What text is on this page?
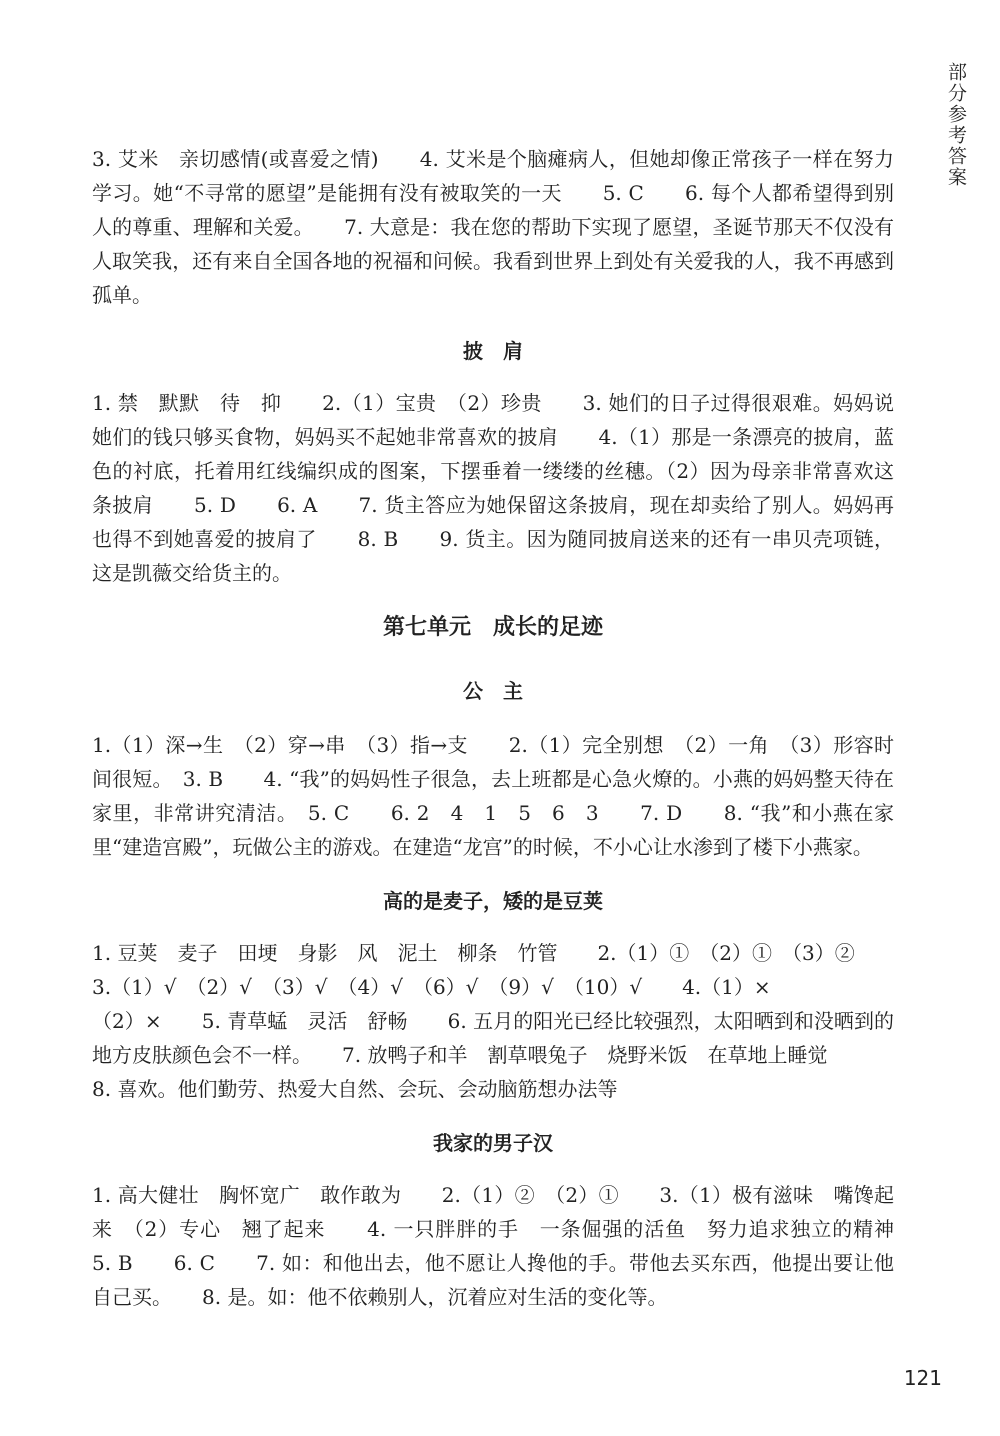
部分参考答案

3. 艾米　亲切感情(或喜爱之情)　　4. 艾米是个脑瘫病人，但她却像正常孩子一样在努力学习。她“不寻常的愿望”是能拥有没有被取笑的一天　　5. C　　6. 每个人都希望得到别人的尊重、理解和关爱。　　7. 大意是：我在您的帮助下实现了愿望，圣诞节那天不仅没有人取笑我，还有来自全国各地的祝福和问候。我看到世界上到处有关爱我的人，我不再感到孤单。

披　肩

1. 禁　默默　待　抑　　2.（1）宝贵　（2）珍贵　　3. 她们的日子过得很艰难。妈妈说她们的钱只够买食物，妈妈买不起她非常喜欢的披肩　　4.（1）那是一条漂亮的披肩，蓝色的衬底，托着用红线编织成的图案，下摆垂着一缕缕的丝穗。（2）因为母亲非常喜欢这条披肩　　5. D　　6. A　　7. 货主答应为她保留这条披肩，现在却卖给了别人。妈妈再也得不到她喜爱的披肩了　　8. B　　9. 货主。因为随同披肩送来的还有一串贝壳项链，这是凯薇交给货主的。

第七单元　成长的足迹
公　主

1.（1）深→生　（2）穿→串　（3）指→支　　2.（1）完全别想　（2）一角　（3）形容时间很短。　3. B　　4. “我”的妈妈性子很急，去上班都是心急火燎的。小燕的妈妈整天待在家里，非常讲究清洁。　5. C　　6. 2　4　1　5　6　3　　7. D　　8. “我”和小燕在家里“建造宫殿”，玩做公主的游戏。在建造“龙宫”的时候，不小心让水渗到了楼下小燕家。

高的是麦子，矮的是豆荚

1. 豆荚　麦子　田埂　身影　风　泥土　柳条　竹管　　2.（1）①　（2）①　（3）②
3.（1）√　（2）√　（3）√　（4）√　（6）√　（9）√　（10）√　　4.（1）×
（2）×　　5. 青草蜢　灵活　舒畅　　6. 五月的阳光已经比较强烈，太阳晒到和没晒到的地方皮肤颜色会不一样。　　7. 放鸭子和羊　割草喂兔子　烧野米饭　在草地上睡觉
8. 喜欢。他们勤劳、热爱大自然、会玩、会动脑筋想办法等

我家的男子汉

1. 高大健壮　胸怀宽广　敢作敢为　　2.（1）②　（2）①　　3.（1）极有滋味　嘴馋起来　（2）专心　翘了起来　　4. 一只胖胖的手　一条倔强的活鱼　努力追求独立的精神　　5. B　　6. C　　7. 如：和他出去，他不愿让人搀他的手。带他去买东西，他提出要让他自己买。　　8. 是。如：他不依赖别人，沉着应对生活的变化等。

121
